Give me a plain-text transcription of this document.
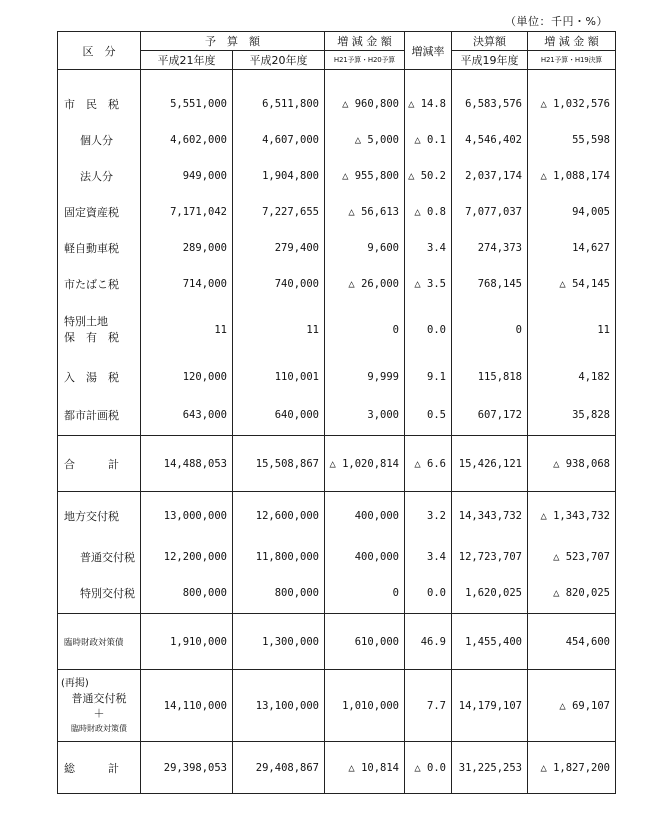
（単位：千円・%）
区　分	予　算　額		増 減 金 額	増減率	決算額	増 減 金 額
	平成21年度	平成20年度	H21予算・H20予算		平成19年度	H21予算・H19決算

市　民　税	5,551,000	6,511,800	△ 960,800	△ 14.8	6,583,576	△ 1,032,576
個人分	4,602,000	4,607,000	△ 5,000	△ 0.1	4,546,402	55,598
法人分	949,000	1,904,800	△ 955,800	△ 50.2	2,037,174	△ 1,088,174
固定資産税	7,171,042	7,227,655	△ 56,613	△ 0.8	7,077,037	94,005
軽自動車税	289,000	279,400	9,600	3.4	274,373	14,627
市たばこ税	714,000	740,000	△ 26,000	△ 3.5	768,145	△ 54,145

特別土地
保　有　税	11	11	0	0.0	0	11
入　湯　税	120,000	110,001	9,999	9.1	115,818	4,182
都市計画税	643,000	640,000	3,000	0.5	607,172	35,828
合　　　計	14,488,053	15,508,867	△ 1,020,814	△ 6.6	15,426,121	△ 938,068
地方交付税	13,000,000	12,600,000	400,000	3.2	14,343,732	△ 1,343,732
普通交付税	12,200,000	11,800,000	400,000	3.4	12,723,707	△ 523,707
特別交付税	800,000	800,000	0	0.0	1,620,025	△ 820,025
臨時財政対策債	1,910,000	1,300,000	610,000	46.9	1,455,400	454,600

(再掲)
普通交付税
＋
臨時財政対策債	14,110,000	13,100,000	1,010,000	7.7	14,179,107	△ 69,107
総　　　計	29,398,053	29,408,867	△ 10,814	△ 0.0	31,225,253	△ 1,827,200
